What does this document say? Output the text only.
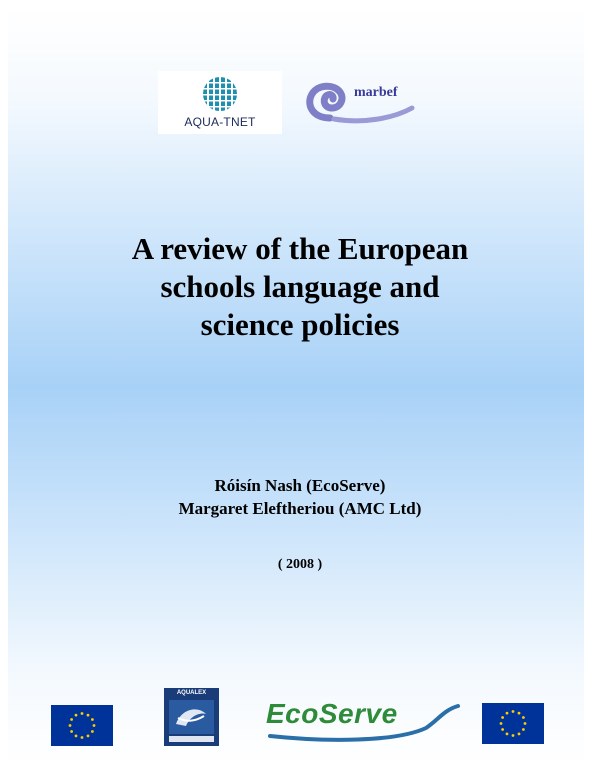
AQUA-TNET
marbef
A review of the European
schools language and
science policies
Róisín Nash (EcoServe)
Margaret Eleftheriou (AMC Ltd)
( 2008 )
AQUALEX
EcoServe
